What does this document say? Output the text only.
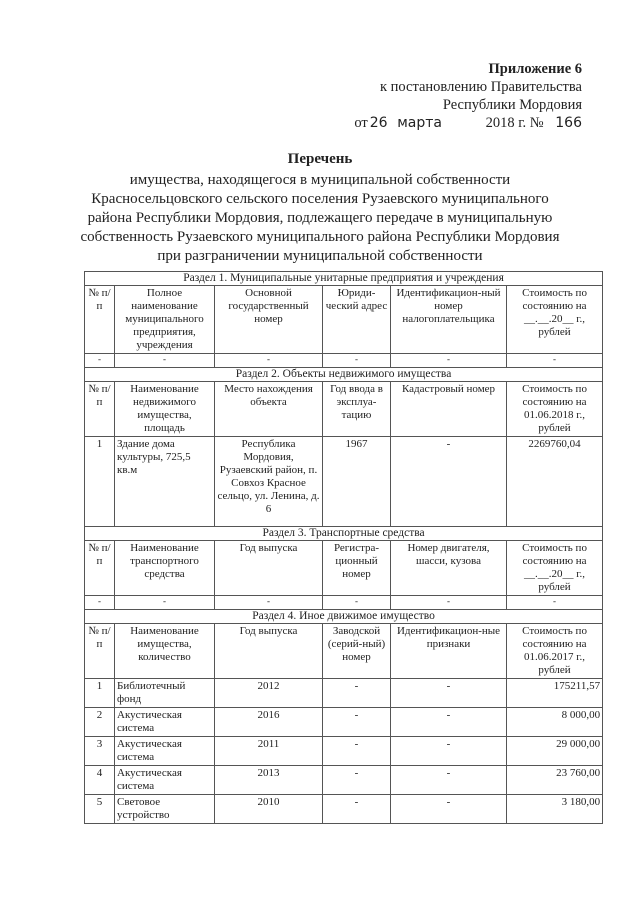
Приложение 6
к постановлению Правительства
Республики Мордовия
от 26 марта	2018 г. № 166
Перечень
имущества, находящегося в муниципальной собственности
Красносельцовского сельского поселения Рузаевского муниципального
района Республики Мордовия, подлежащего передаче в муниципальную
собственность Рузаевского муниципального района Республики Мордовия
при разграничении муниципальной собственности
Раздел 1. Муниципальные унитарные предприятия и учреждения					
№ п/п	Полное наименование муниципального предприятия, учреждения	Основной государственный номер	Юриди-ческий адрес	Идентификацион-ный номер налогоплательщика	Стоимость по состоянию на __.__.20__ г., рублей
-	-	-	-	-	-
Раздел 2. Объекты недвижимого имущества					
№ п/п	Наименование недвижимого имущества, площадь	Место нахождения объекта	Год ввода в эксплуа-тацию	Кадастровый номер	Стоимость по состоянию на 01.06.2018 г., рублей
1	Здание дома культуры, 725,5 кв.м	Республика Мордовия, Рузаевский район, п. Совхоз Красное сельцо, ул. Ленина, д. 6	1967	-	2269760,04
Раздел 3. Транспортные средства					
№ п/п	Наименование транспортного средства	Год выпуска	Регистра-ционный номер	Номер двигателя, шасси, кузова	Стоимость по состоянию на __.__.20__ г., рублей
-	-	-	-	-	-
Раздел 4. Иное движимое имущество					
№ п/п	Наименование имущества, количество	Год выпуска	Заводской (серий-ный) номер	Идентификацион-ные признаки	Стоимость по состоянию на 01.06.2017 г., рублей
1	Библиотечный фонд	2012	-	-	175211,57
2	Акустическая система	2016	-	-	8 000,00
3	Акустическая система	2011	-	-	29 000,00
4	Акустическая система	2013	-	-	23 760,00
5	Световое устройство	2010	-	-	3 180,00
